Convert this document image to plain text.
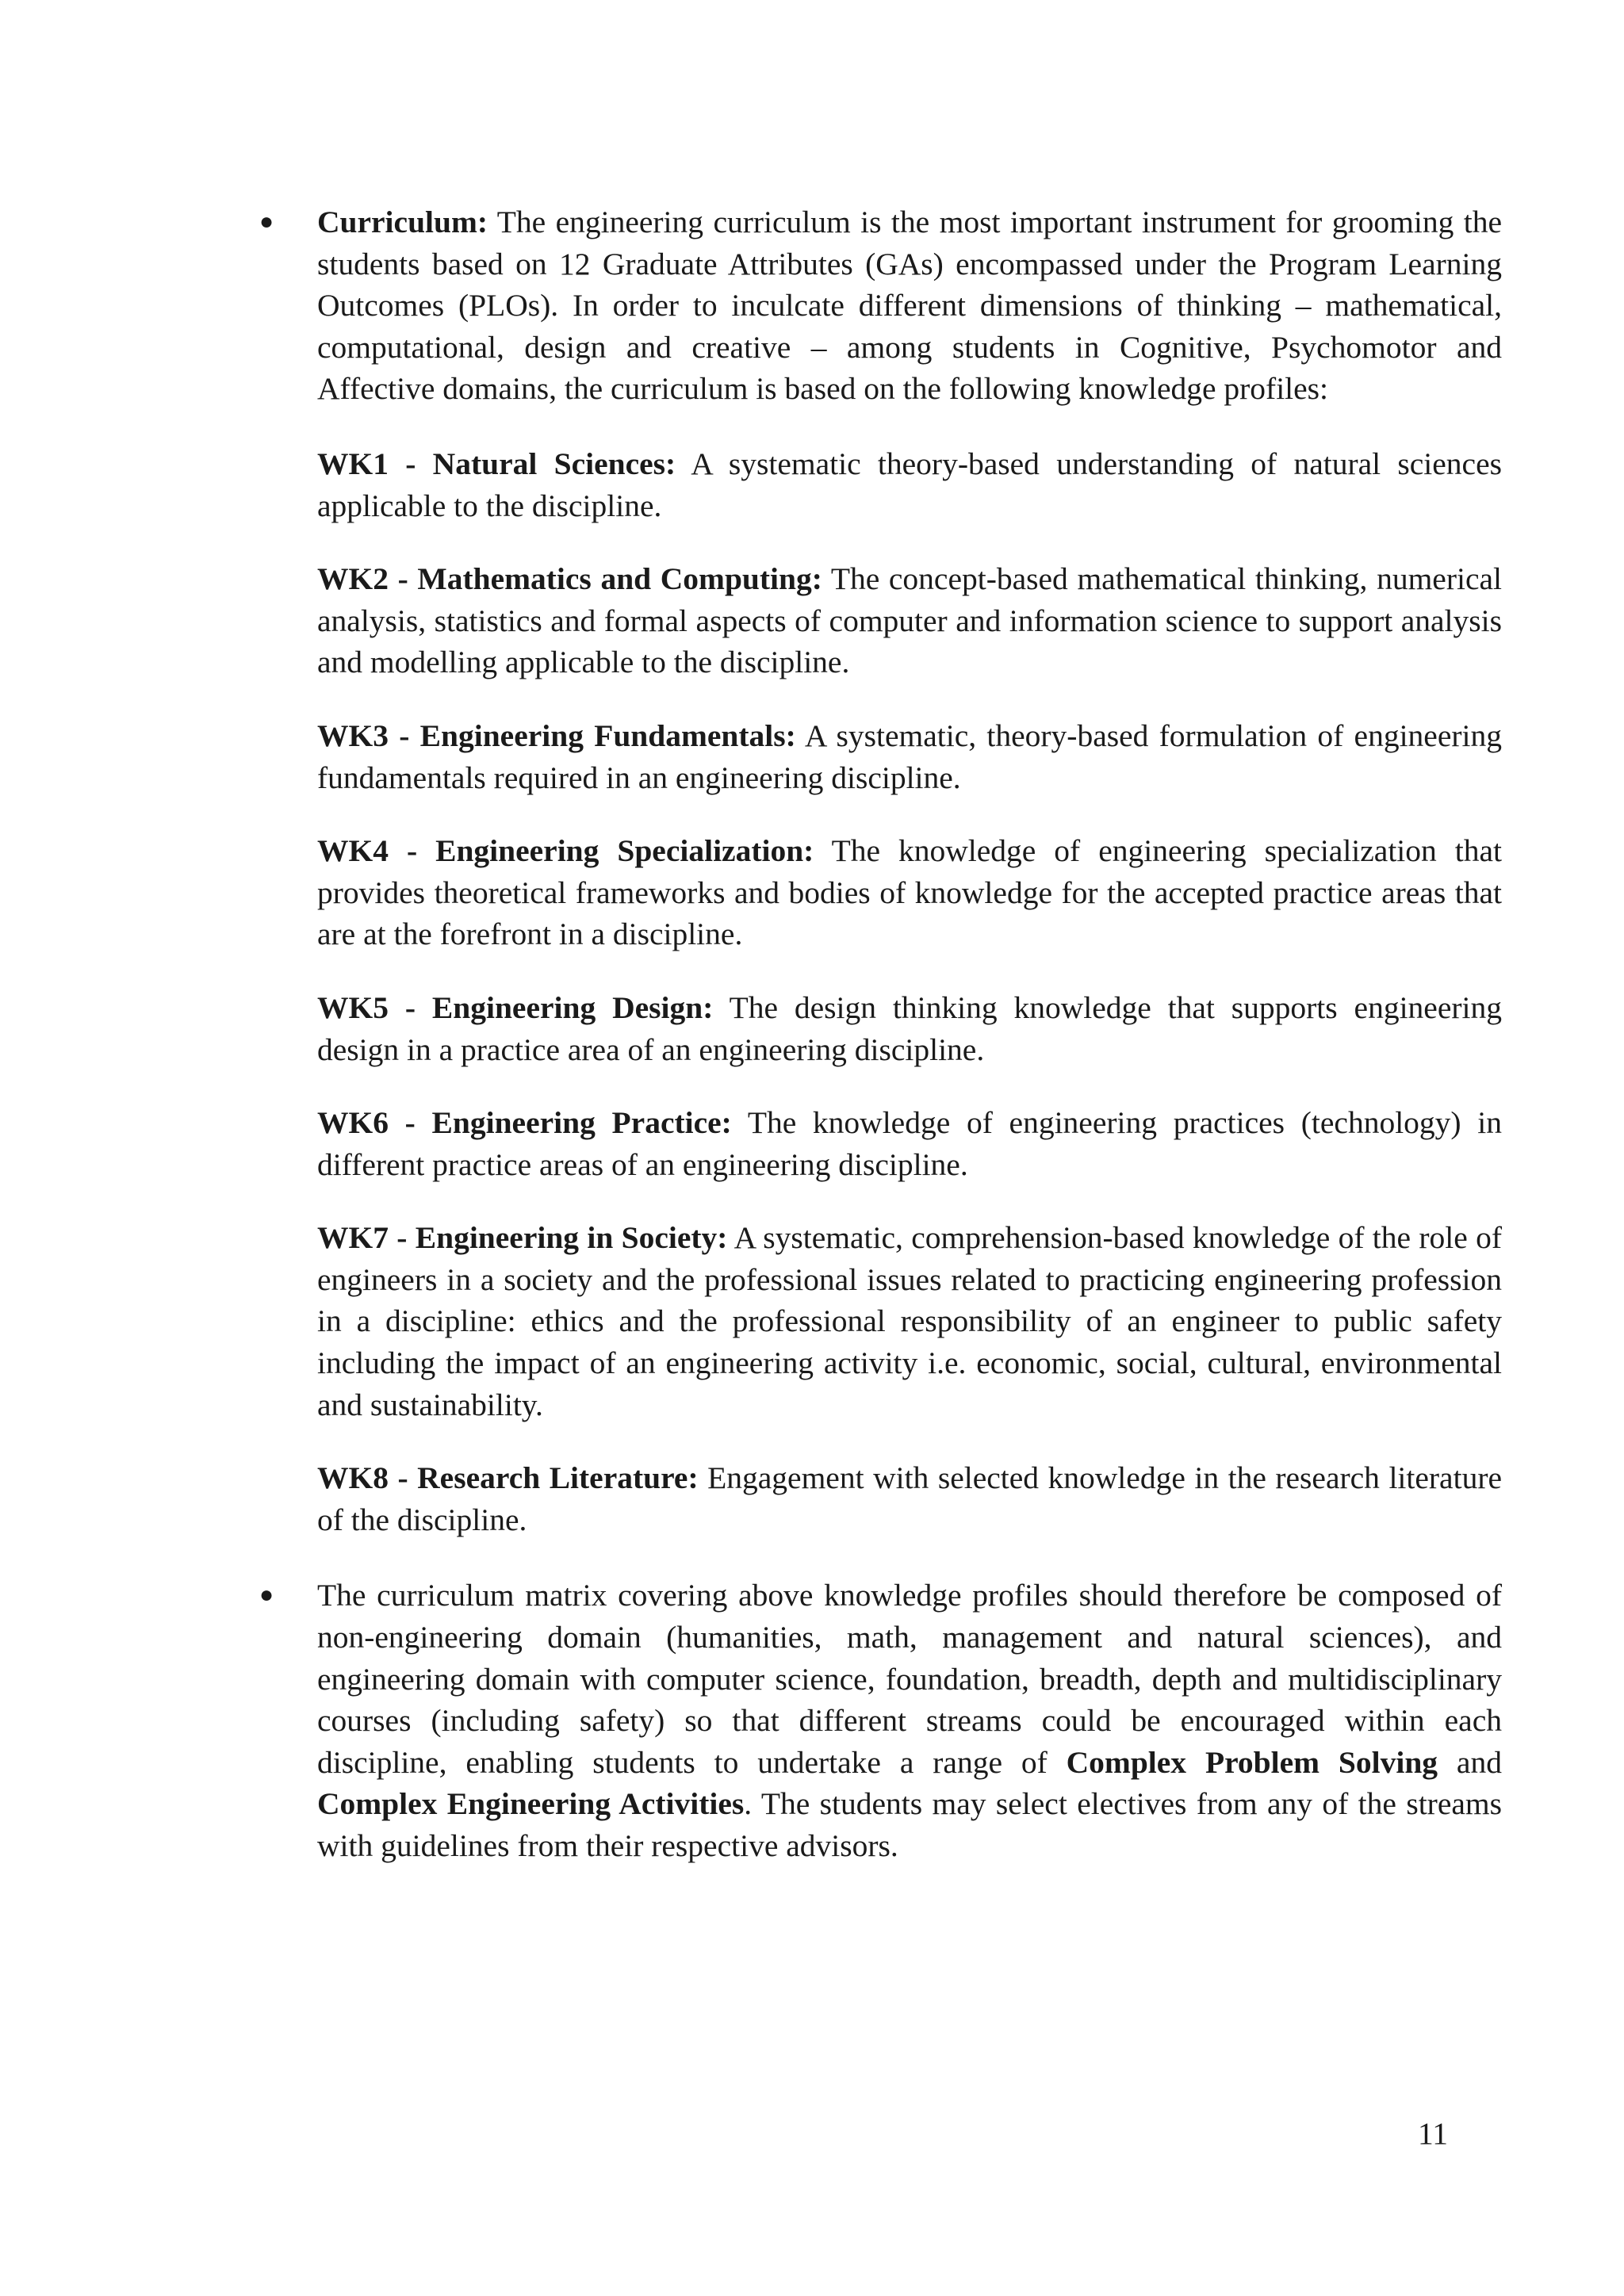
● Curriculum: The engineering curriculum is the most important instrument for grooming the students based on 12 Graduate Attributes (GAs) encompassed under the Program Learning Outcomes (PLOs). In order to inculcate different dimensions of thinking – mathematical, computational, design and creative – among students in Cognitive, Psychomotor and Affective domains, the curriculum is based on the following knowledge profiles:

WK1 - Natural Sciences: A systematic theory-based understanding of natural sciences applicable to the discipline.

WK2 - Mathematics and Computing: The concept-based mathematical thinking, numerical analysis, statistics and formal aspects of computer and information science to support analysis and modelling applicable to the discipline.

WK3 - Engineering Fundamentals: A systematic, theory-based formulation of engineering fundamentals required in an engineering discipline.

WK4 - Engineering Specialization: The knowledge of engineering specialization that provides theoretical frameworks and bodies of knowledge for the accepted practice areas that are at the forefront in a discipline.

WK5 - Engineering Design: The design thinking knowledge that supports engineering design in a practice area of an engineering discipline.

WK6 - Engineering Practice: The knowledge of engineering practices (technology) in different practice areas of an engineering discipline.

WK7 - Engineering in Society: A systematic, comprehension-based knowledge of the role of engineers in a society and the professional issues related to practicing engineering profession in a discipline: ethics and the professional responsibility of an engineer to public safety including the impact of an engineering activity i.e. economic, social, cultural, environmental and sustainability.

WK8 - Research Literature: Engagement with selected knowledge in the research literature of the discipline.

● The curriculum matrix covering above knowledge profiles should therefore be composed of non-engineering domain (humanities, math, management and natural sciences), and engineering domain with computer science, foundation, breadth, depth and multidisciplinary courses (including safety) so that different streams could be encouraged within each discipline, enabling students to undertake a range of Complex Problem Solving and Complex Engineering Activities. The students may select electives from any of the streams with guidelines from their respective advisors.

11
